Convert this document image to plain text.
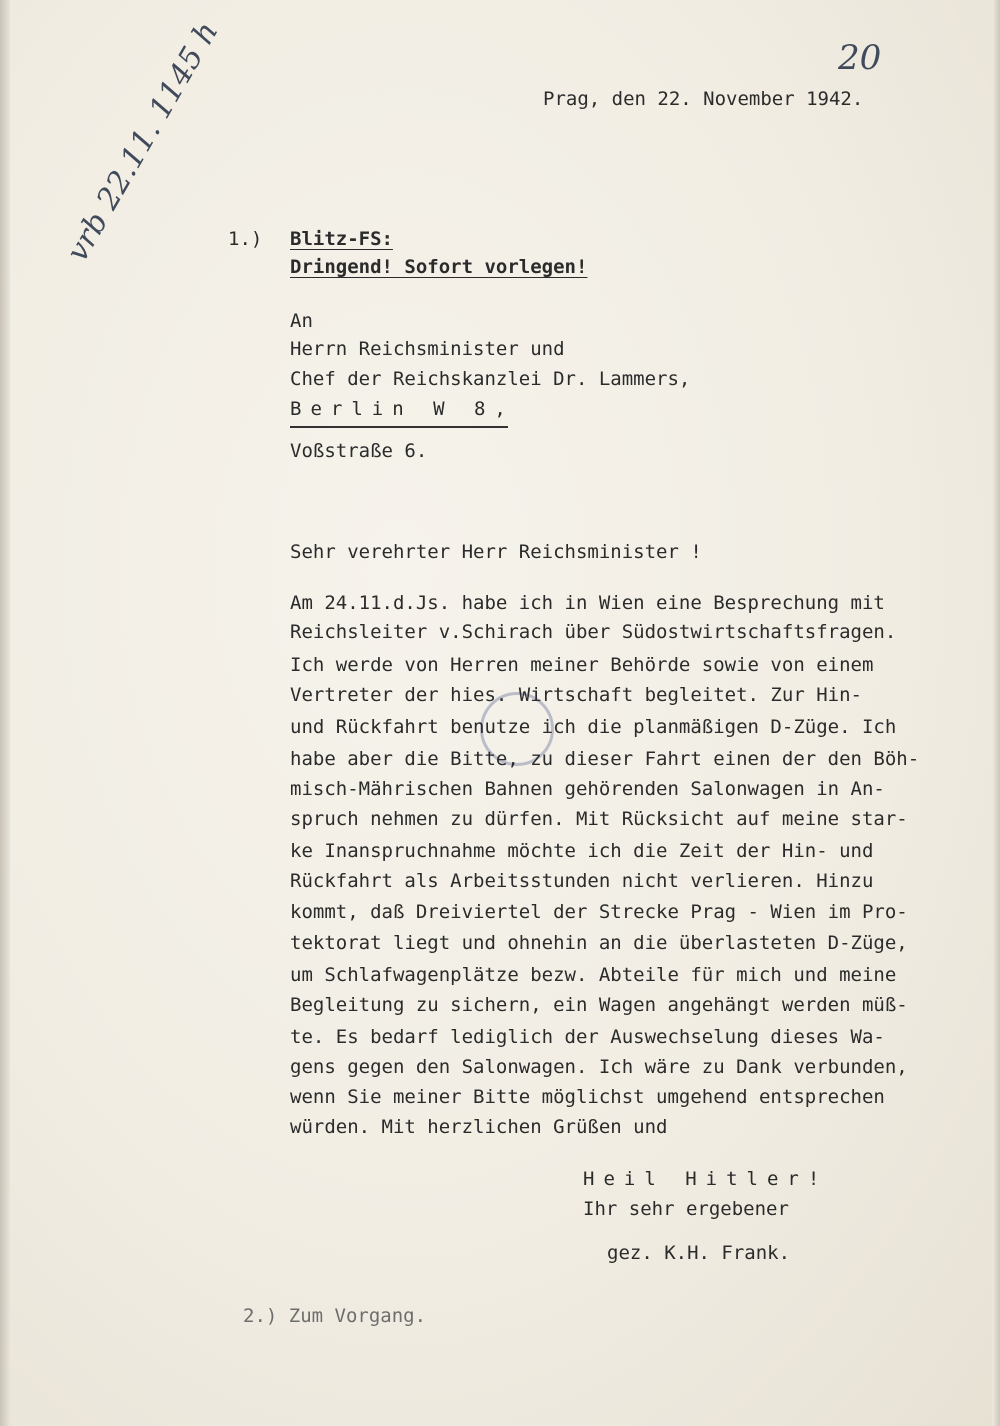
20
vrb 22.11. 1145 h	Prag, den 22. November 1942.
1.) Blitz-FS:
Dringend! Sofort vorlegen!
An
Herrn Reichsminister und
Chef der Reichskanzlei Dr. Lammers,
Berlin W 8,
Voßstraße 6.
Sehr verehrter Herr Reichsminister !
Am 24.11.d.Js. habe ich in Wien eine Besprechung mit
Reichsleiter v.Schirach über Südostwirtschaftsfragen.
Ich werde von Herren meiner Behörde sowie von einem
Vertreter der hies. Wirtschaft begleitet. Zur Hin-
und Rückfahrt benutze ich die planmäßigen D-Züge. Ich
habe aber die Bitte, zu dieser Fahrt einen der den Böh-
misch-Mährischen Bahnen gehörenden Salonwagen in An-
spruch nehmen zu dürfen. Mit Rücksicht auf meine star-
ke Inanspruchnahme möchte ich die Zeit der Hin- und
Rückfahrt als Arbeitsstunden nicht verlieren. Hinzu
kommt, daß Dreiviertel der Strecke Prag - Wien im Pro-
tektorat liegt und ohnehin an die überlasteten D-Züge,
um Schlafwagenplätze bezw. Abteile für mich und meine
Begleitung zu sichern, ein Wagen angehängt werden müß-
te. Es bedarf lediglich der Auswechselung dieses Wa-
gens gegen den Salonwagen. Ich wäre zu Dank verbunden,
wenn Sie meiner Bitte möglichst umgehend entsprechen
würden. Mit herzlichen Grüßen und
Heil Hitler!
Ihr sehr ergebener
gez. K.H. Frank.
2.) Zum Vorgang.
